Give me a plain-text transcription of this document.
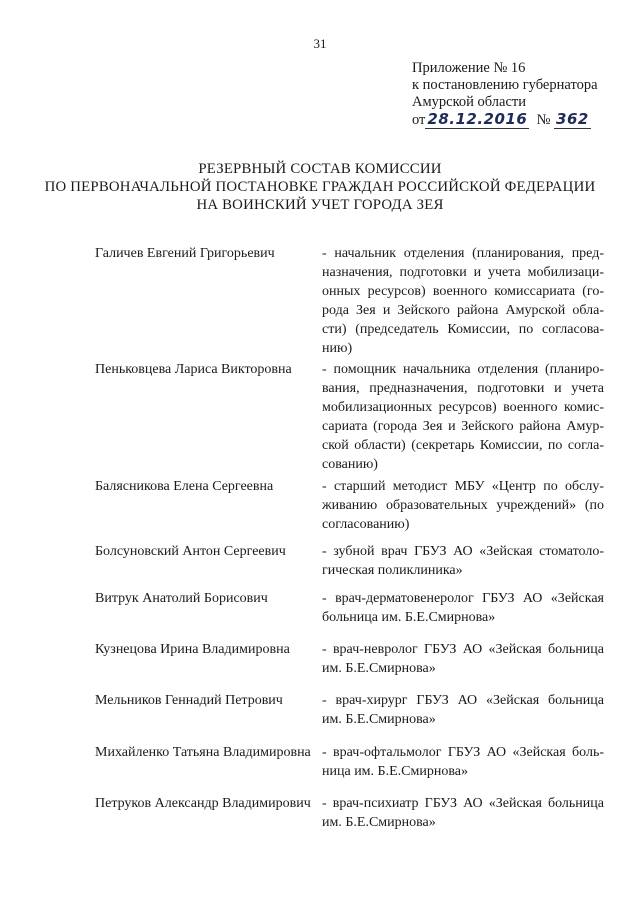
31
Приложение № 16
к постановлению губернатора
Амурской области
от 28.12.2016 № 362
РЕЗЕРВНЫЙ СОСТАВ КОМИССИИ
ПО ПЕРВОНАЧАЛЬНОЙ ПОСТАНОВКЕ ГРАЖДАН РОССИЙСКОЙ ФЕДЕРАЦИИ
НА ВОИНСКИЙ УЧЕТ ГОРОДА ЗЕЯ
Галичев Евгений Григорьевич	- начальник отделения (планирования, пред-
назначения, подготовки и учета мобилизаци-
онных ресурсов) военного комиссариата (го-
рода Зея и Зейского района Амурской обла-
сти) (председатель Комиссии, по согласова-
нию)
Пеньковцева Лариса Викторовна - помощник начальника отделения (планиро-
вания, предназначения, подготовки и учета
мобилизационных ресурсов) военного комис-
сариата (города Зея и Зейского района Амур-
ской области) (секретарь Комиссии, по согла-
сованию)
Балясникова Елена Сергеевна	- старший методист МБУ «Центр по обслу-
живанию образовательных учреждений» (по
согласованию)
Болсуновский Антон Сергеевич	- зубной врач ГБУЗ АО «Зейская стоматоло-
гическая поликлиника»
Витрук Анатолий Борисович	- врач-дерматовенеролог ГБУЗ АО «Зейская
больница им. Б.Е.Смирнова»
Кузнецова Ирина Владимировна - врач-невролог ГБУЗ АО «Зейская больница
им. Б.Е.Смирнова»
Мельников Геннадий Петрович	- врач-хирург ГБУЗ АО «Зейская больница
им. Б.Е.Смирнова»
Михайленко Татьяна Владимировна - врач-офтальмолог ГБУЗ АО «Зейская боль-
ница им. Б.Е.Смирнова»
Петруков Александр Владимирович - врач-психиатр ГБУЗ АО «Зейская больница
им. Б.Е.Смирнова»
